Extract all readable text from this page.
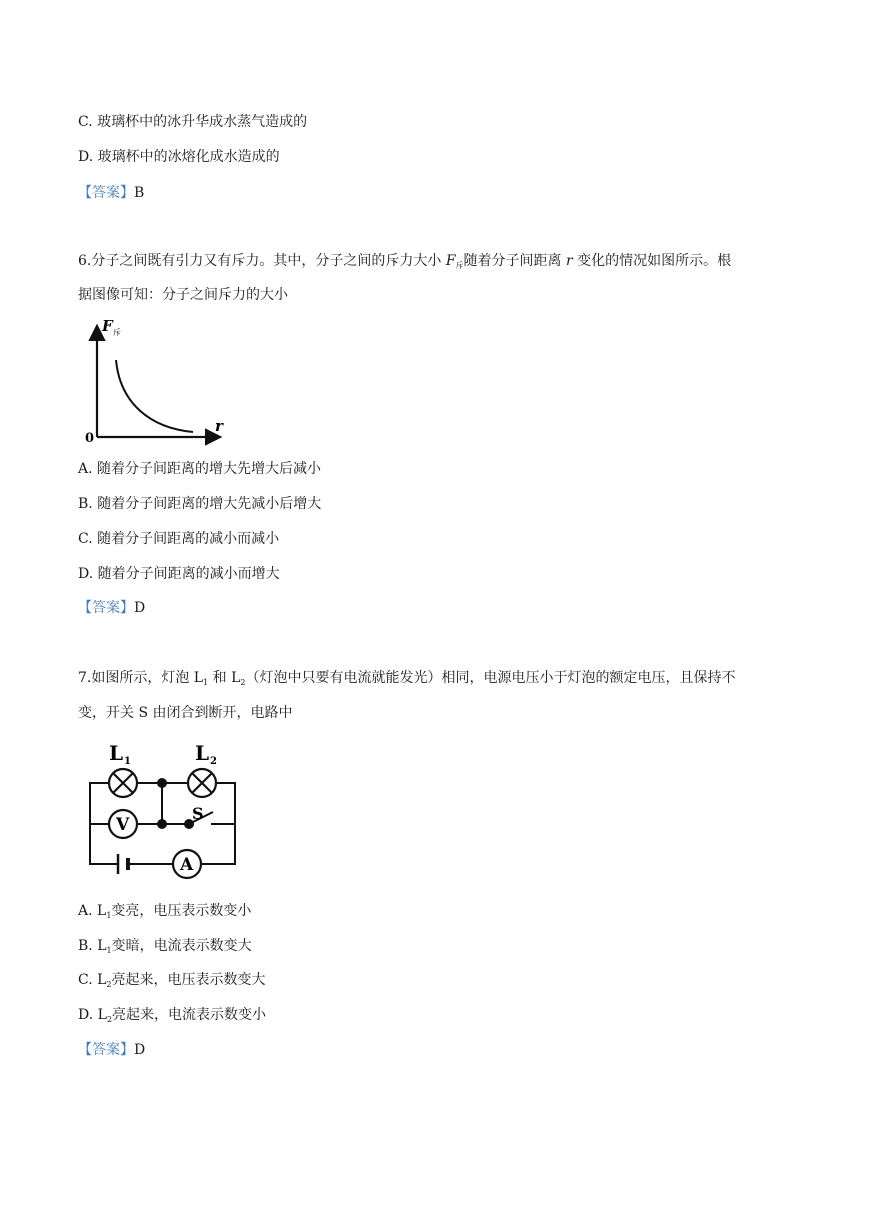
C. 玻璃杯中的冰升华成水蒸气造成的
D. 玻璃杯中的冰熔化成水造成的
【答案】B
6.分子之间既有引力又有斥力。其中，分子之间的斥力大小 $F_斥$随着分子间距离 r 变化的情况如图所示。根
据图像可知：分子之间斥力的大小
F 斥
r
0
A. 随着分子间距离的增大先增大后减小
B. 随着分子间距离的增大先减小后增大
C. 随着分子间距离的减小而减小
D. 随着分子间距离的减小而增大
【答案】D
7.如图所示，灯泡 $L_1$ 和 $L_2$（灯泡中只要有电流就能发光）相同，电源电压小于灯泡的额定电压，且保持不
变，开关 S 由闭合到断开，电路中
L 1	L 2
V
S
A
A. $L_1$变亮，电压表示数变小
B. $L_1$变暗，电流表示数变大
C. $L_2$亮起来，电压表示数变大
D. $L_2$亮起来，电流表示数变小
【答案】D
